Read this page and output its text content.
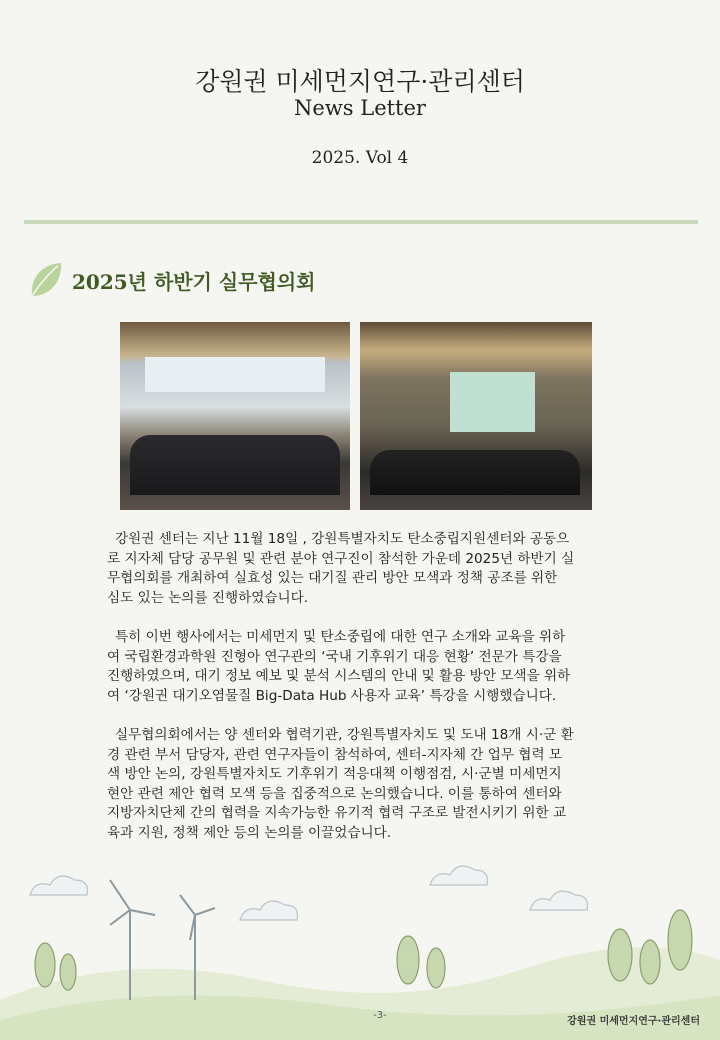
강원권 미세먼지연구·관리센터
News Letter
2025. Vol 4
2025년 하반기 실무협의회
강원권 센터는 지난 11월 18일 , 강원특별자치도 탄소중립지원센터와 공동으
로 지자체 담당 공무원 및 관련 분야 연구진이 참석한 가운데 2025년 하반기 실
무협의회를 개최하여 실효성 있는 대기질 관리 방안 모색과 정책 공조를 위한
심도 있는 논의를 진행하였습니다.
특히 이번 행사에서는 미세먼지 및 탄소중립에 대한 연구 소개와 교육을 위하
여 국립환경과학원 진형아 연구관의 ‘국내 기후위기 대응 현황’ 전문가 특강을
진행하였으며, 대기 정보 예보 및 분석 시스템의 안내 및 활용 방안 모색을 위하
여 ‘강원권 대기오염물질 Big-Data Hub 사용자 교육’ 특강을 시행했습니다.
실무협의회에서는 양 센터와 협력기관, 강원특별자치도 및 도내 18개 시·군 환
경 관련 부서 담당자, 관련 연구자들이 참석하여, 센터-지자체 간 업무 협력 모
색 방안 논의, 강원특별자치도 기후위기 적응대책 이행점검, 시·군별 미세먼지
현안 관련 제안 협력 모색 등을 집중적으로 논의했습니다. 이를 통하여 센터와
지방자치단체 간의 협력을 지속가능한 유기적 협력 구조로 발전시키기 위한 교
육과 지원, 정책 제안 등의 논의를 이끌었습니다.
-3-
강원권 미세먼지연구·관리센터
